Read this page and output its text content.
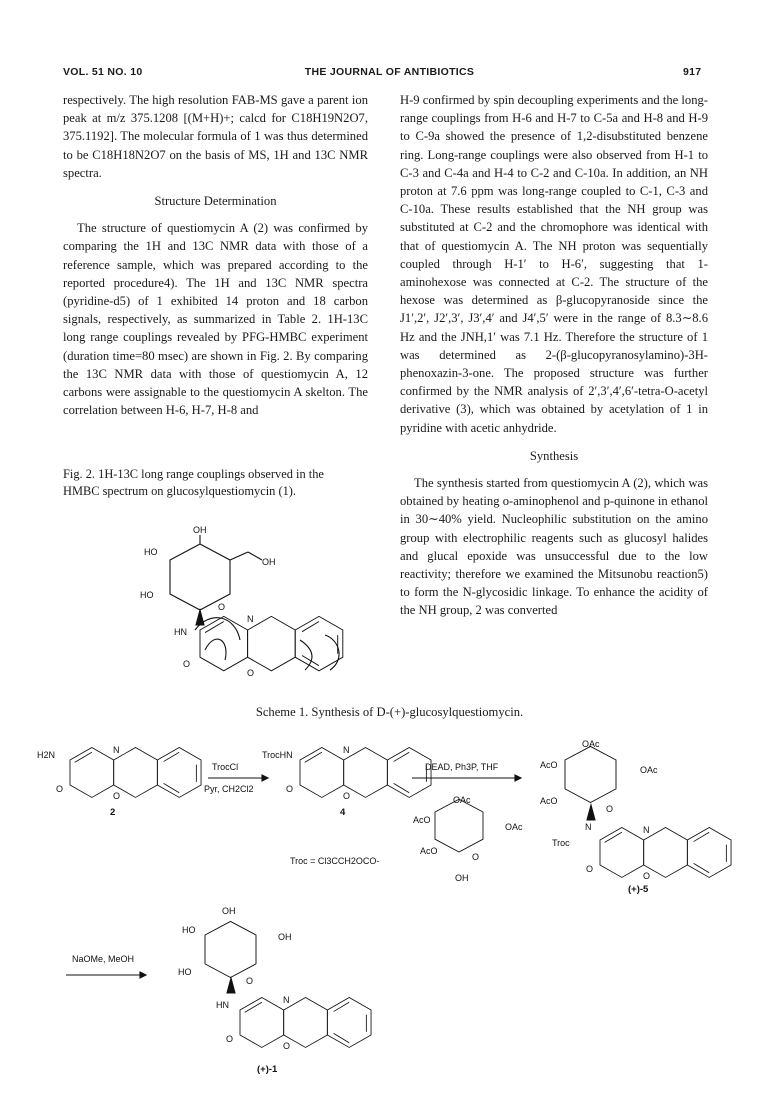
VOL. 51 NO. 10	THE JOURNAL OF ANTIBIOTICS	917

respectively. The high resolution FAB-MS gave a parent ion peak at m/z 375.1208 [(M+H)+; calcd for C18H19N2O7, 375.1192]. The molecular formula of 1 was thus determined to be C18H18N2O7 on the basis of MS, 1H and 13C NMR spectra.

Structure Determination

The structure of questiomycin A (2) was confirmed by comparing the 1H and 13C NMR data with those of a reference sample, which was prepared according to the reported procedure4). The 1H and 13C NMR spectra (pyridine-d5) of 1 exhibited 14 proton and 18 carbon signals, respectively, as summarized in Table 2. 1H-13C long range couplings revealed by PFG-HMBC experiment (duration time=80 msec) are shown in Fig. 2. By comparing the 13C NMR data with those of questiomycin A, 12 carbons were assignable to the questiomycin A skelton. The correlation between H-6, H-7, H-8 and

Fig. 2. 1H-13C long range couplings observed in the HMBC spectrum on glucosylquestiomycin (1).

H-9 confirmed by spin decoupling experiments and the long-range couplings from H-6 and H-7 to C-5a and H-8 and H-9 to C-9a showed the presence of 1,2-disubstituted benzene ring. Long-range couplings were also observed from H-1 to C-3 and C-4a and H-4 to C-2 and C-10a. In addition, an NH proton at 7.6 ppm was long-range coupled to C-1, C-3 and C-10a. These results established that the NH group was substituted at C-2 and the chromophore was identical with that of questiomycin A. The NH proton was sequentially coupled through H-1′ to H-6′, suggesting that 1-aminohexose was connected at C-2. The structure of the hexose was determined as β-glucopyranoside since the J1′,2′, J2′,3′, J3′,4′ and J4′,5′ were in the range of 8.3∼8.6 Hz and the JNH,1′ was 7.1 Hz. Therefore the structure of 1 was determined as 2-(β-glucopyranosylamino)-3H-phenoxazin-3-one. The proposed structure was further confirmed by the NMR analysis of 2′,3′,4′,6′-tetra-O-acetyl derivative (3), which was obtained by acetylation of 1 in pyridine with acetic anhydride.

Synthesis

The synthesis started from questiomycin A (2), which was obtained by heating o-aminophenol and p-quinone in ethanol in 30∼40% yield. Nucleophilic substitution on the amino group with electrophilic reagents such as glucosyl halides and glucal epoxide was unsuccessful due to the low reactivity; therefore we examined the Mitsunobu reaction5) to form the N-glycosidic linkage. To enhance the acidity of the NH group, 2 was converted

Scheme 1. Synthesis of D-(+)-glucosylquestiomycin.
OH
HO
OH
HO
O
HN
N
O
O
H2N	N
O
O
2
TrocCl
Pyr, CH2Cl2
TrocHN	N
O
O
4
DEAD, Ph3P, THF
OAc
AcO
OAc
AcO
O
OH
Troc = Cl3CCH2OCO-
OAc
AcO	OAc
AcO
O
N
Troc
N
O
O
(+)-5
NaOMe, MeOH
OH
HO
OH
HO
O
HN	N
O
O
(+)-1
